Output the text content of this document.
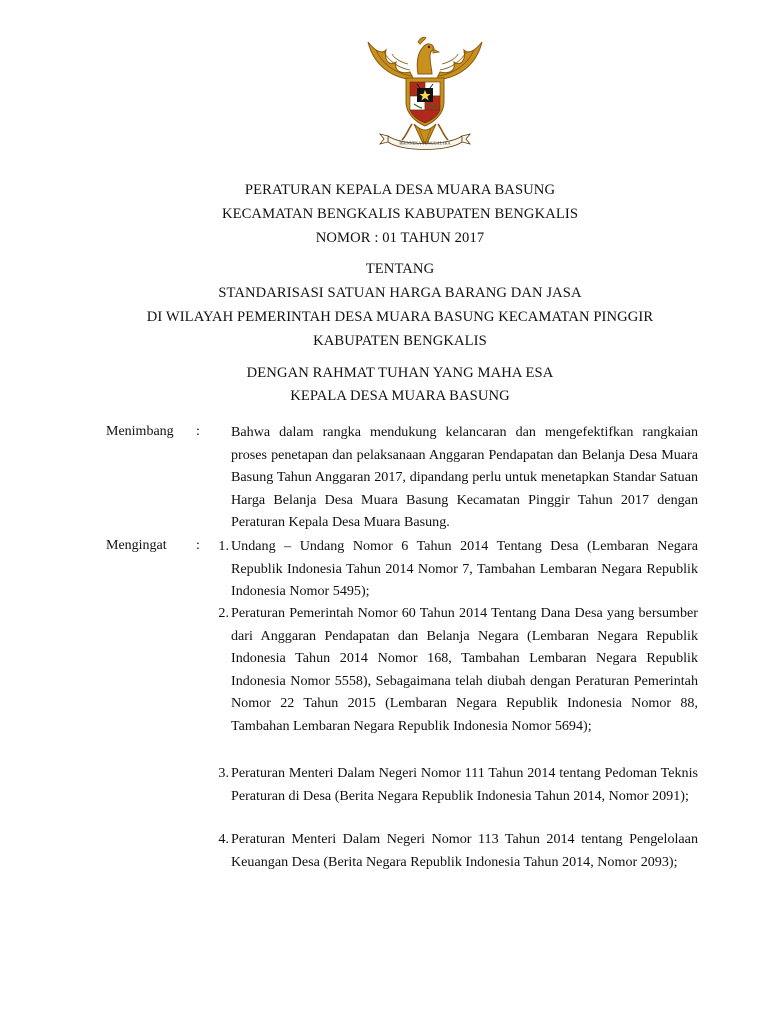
BHINNEKA TUNGGAL IKA
PERATURAN KEPALA DESA MUARA BASUNG
KECAMATAN BENGKALIS KABUPATEN BENGKALIS
NOMOR : 01 TAHUN 2017
TENTANG
STANDARISASI SATUAN HARGA BARANG DAN JASA
DI WILAYAH PEMERINTAH DESA MUARA BASUNG KECAMATAN PINGGIR
KABUPATEN BENGKALIS
DENGAN RAHMAT TUHAN YANG MAHA ESA
KEPALA DESA MUARA BASUNG
Menimbang : Bahwa dalam rangka mendukung kelancaran dan mengefektifkan rangkaian proses penetapan dan pelaksanaan Anggaran Pendapatan dan Belanja Desa Muara Basung Tahun Anggaran 2017, dipandang perlu untuk menetapkan Standar Satuan Harga Belanja Desa Muara Basung Kecamatan Pinggir Tahun 2017 dengan Peraturan Kepala Desa Muara Basung.
Mengingat :	1. Undang – Undang Nomor 6 Tahun 2014 Tentang Desa (Lembaran Negara Republik Indonesia Tahun 2014 Nomor 7, Tambahan Lembaran Negara Republik Indonesia Nomor 5495);
2. Peraturan Pemerintah Nomor 60 Tahun 2014 Tentang Dana Desa yang bersumber dari Anggaran Pendapatan dan Belanja Negara (Lembaran Negara Republik Indonesia Tahun 2014 Nomor 168, Tambahan Lembaran Negara Republik Indonesia Nomor 5558), Sebagaimana telah diubah dengan Peraturan Pemerintah Nomor 22 Tahun 2015 (Lembaran Negara Republik Indonesia Nomor 88, Tambahan Lembaran Negara Republik Indonesia Nomor 5694);
3. Peraturan Menteri Dalam Negeri Nomor 111 Tahun 2014 tentang Pedoman Teknis Peraturan di Desa (Berita Negara Republik Indonesia Tahun 2014, Nomor 2091);
4. Peraturan Menteri Dalam Negeri Nomor 113 Tahun 2014 tentang Pengelolaan Keuangan Desa (Berita Negara Republik Indonesia Tahun 2014, Nomor 2093);
